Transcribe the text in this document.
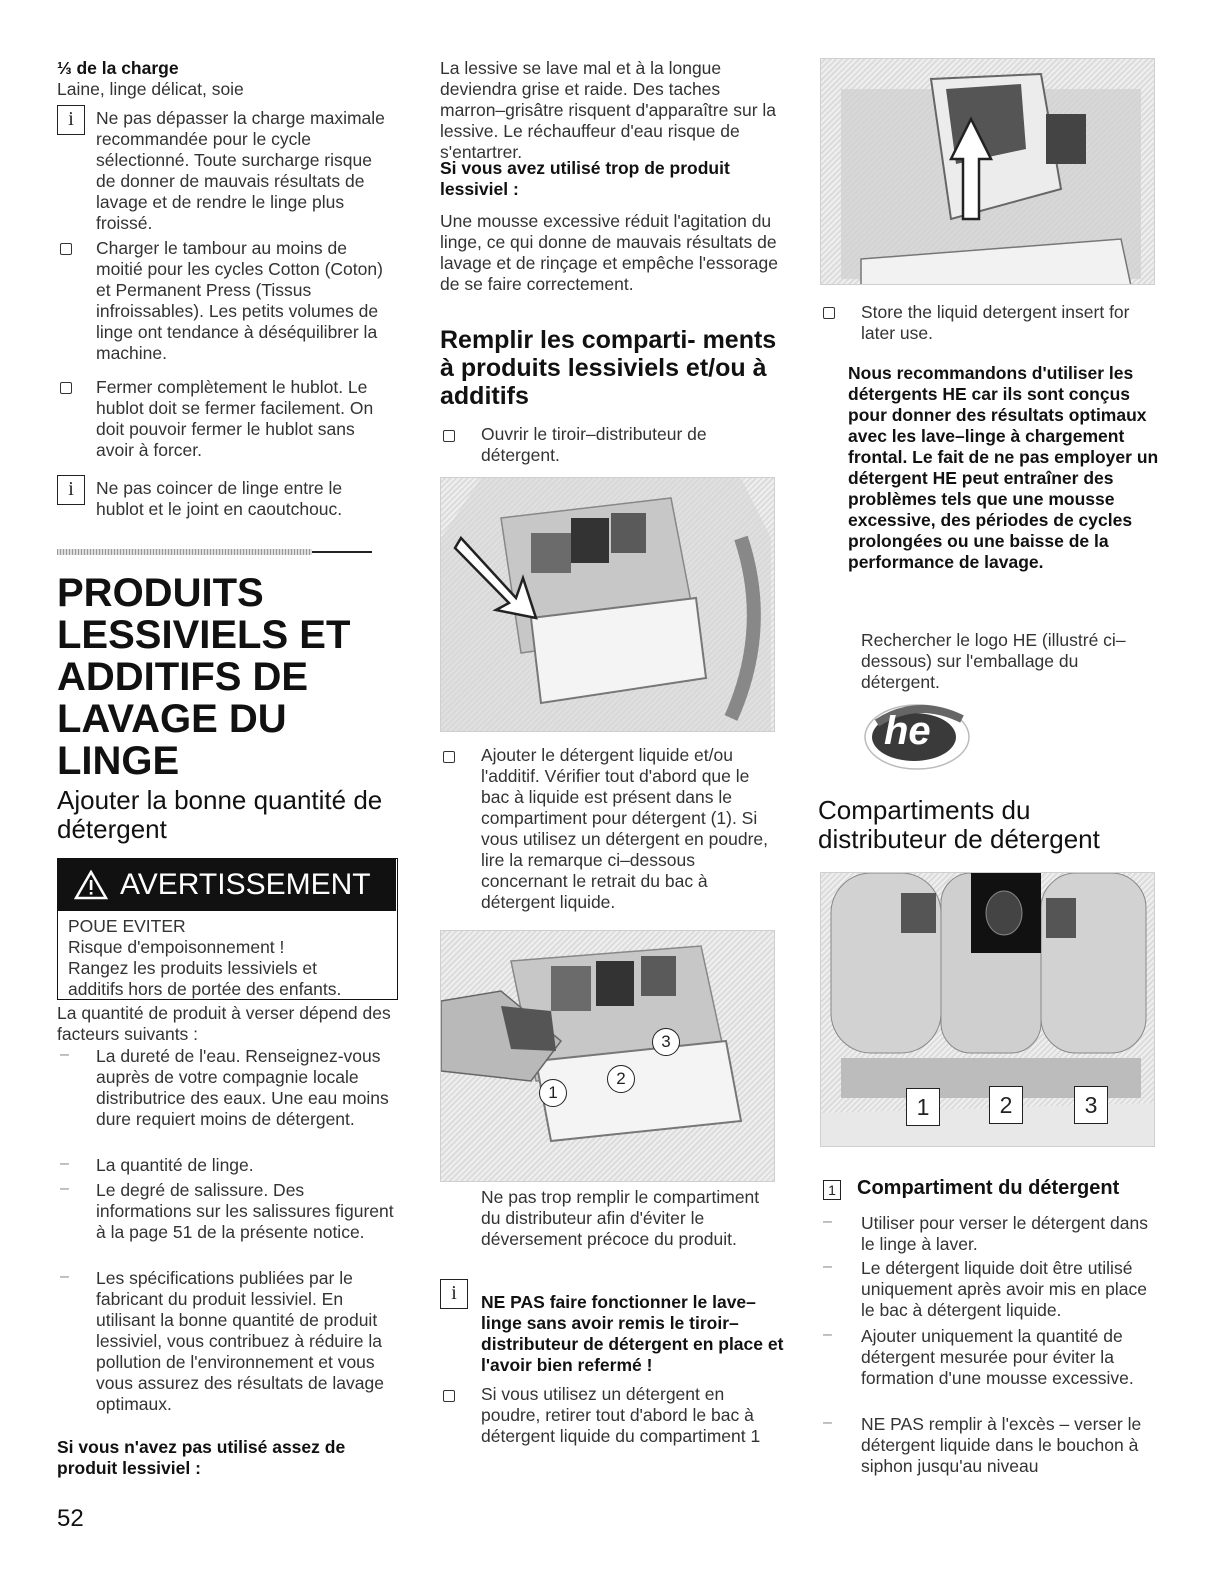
⅓ de la charge
Laine, linge délicat, soie
i	Ne pas dépasser la charge maximale recommandée pour le cycle sélectionné. Toute surcharge risque de donner de mauvais résultats de lavage et de rendre le linge plus froissé.
Charger le tambour au moins de moitié pour les cycles Cotton (Coton) et Permanent Press (Tissus infroissables). Les petits volumes de linge ont tendance à déséquilibrer la machine.
Fermer complètement le hublot. Le hublot doit se fermer facilement. On doit pouvoir fermer le hublot sans avoir à forcer.
i	Ne pas coincer de linge entre le hublot et le joint en caoutchouc.
PRODUITS
LESSIVIELS ET
ADDITIFS DE
LAVAGE DU
LINGE
Ajouter la bonne quantité de détergent
AVERTISSEMENT
POUE EVITER
Risque d'empoisonnement !
Rangez les produits lessiviels et
additifs hors de portée des enfants.
La quantité de produit à verser dépend des facteurs suivants :
– La dureté de l'eau. Renseignez-vous auprès de votre compagnie locale distributrice des eaux. Une eau moins dure requiert moins de détergent.
– La quantité de linge.
– Le degré de salissure. Des informations sur les salissures figurent à la page 51 de la présente notice.
– Les spécifications publiées par le fabricant du produit lessiviel. En utilisant la bonne quantité de produit lessiviel, vous contribuez à réduire la pollution de l'environnement et vous vous assurez des résultats de lavage optimaux.
Si vous n'avez pas utilisé assez de produit lessiviel :
52
La lessive se lave mal et à la longue deviendra grise et raide. Des taches marron–grisâtre risquent d'apparaître sur la lessive. Le réchauffeur d'eau risque de s'entartrer.
Si vous avez utilisé trop de produit lessiviel :
Une mousse excessive réduit l'agitation du linge, ce qui donne de mauvais résultats de lavage et de rinçage et empêche l'essorage de se faire correctement.
Remplir les comparti- ments à produits lessiviels et/ou à additifs
Ouvrir le tiroir–distributeur de détergent.
Ajouter le détergent liquide et/ou l'additif. Vérifier tout d'abord que le bac à liquide est présent dans le compartiment pour détergent (1). Si vous utilisez un détergent en poudre, lire la remarque ci–dessous concernant le retrait du bac à détergent liquide.
1
2
3
Ne pas trop remplir le compartiment du distributeur afin d'éviter le déversement précoce du produit.
i	NE PAS faire fonctionner le lave–linge sans avoir remis le tiroir–distributeur de détergent en place et l'avoir bien refermé !
Si vous utilisez un détergent en poudre, retirer tout d'abord le bac à détergent liquide du compartiment 1
Store the liquid detergent insert for later use.
Nous recommandons d'utiliser les détergents HE car ils sont conçus pour donner des résultats optimaux avec les lave–linge à chargement frontal. Le fait de ne pas employer un détergent HE peut entraîner des problèmes tels que une mousse excessive, des périodes de cycles prolongées ou une baisse de la performance de lavage.
Rechercher le logo HE (illustré ci–dessous) sur l'emballage du détergent.
he
Compartiments du distributeur de détergent
1	2	3
1 Compartiment du détergent
– Utiliser pour verser le détergent dans le linge à laver.
– Le détergent liquide doit être utilisé uniquement après avoir mis en place le bac à détergent liquide.
– Ajouter uniquement la quantité de détergent mesurée pour éviter la formation d'une mousse excessive.
– NE PAS remplir à l'excès – verser le détergent liquide dans le bouchon à siphon jusqu'au niveau
